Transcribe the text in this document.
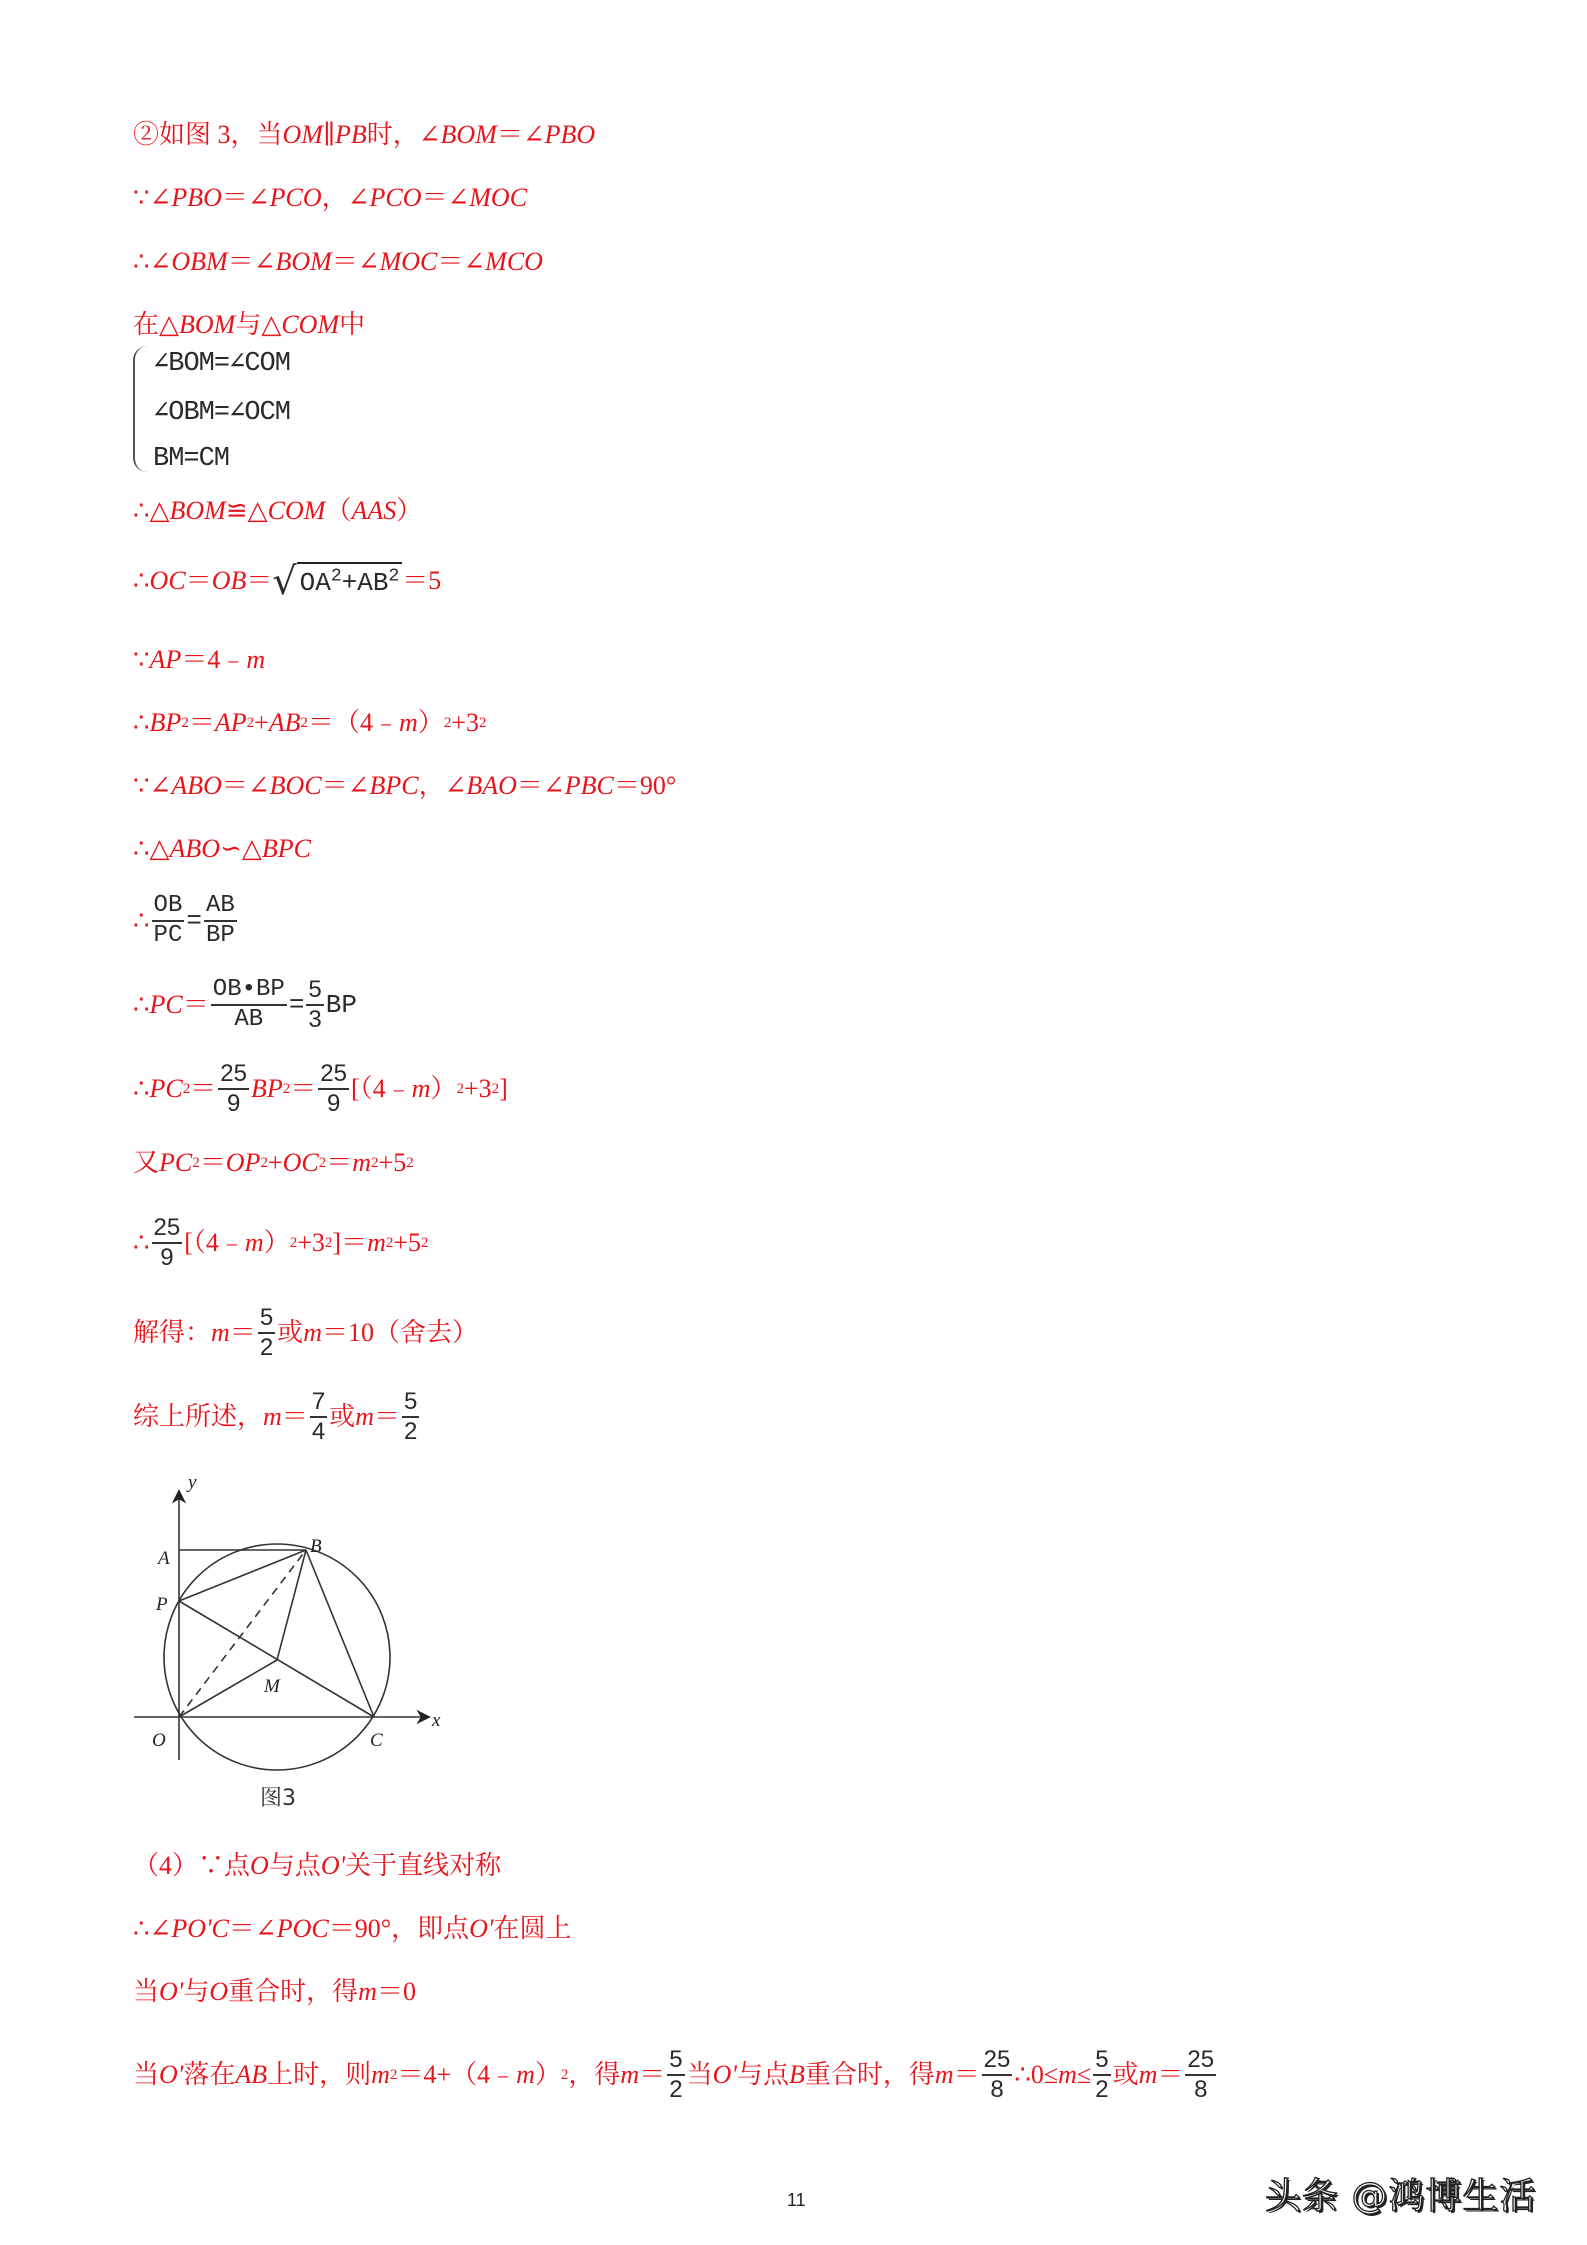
②如图 3，当 OM ∥ PB 时，∠ BOM ＝∠ PBO
∵∠ PBO ＝∠ PCO ，∠ PCO ＝∠ MOC
∴∠ OBM ＝∠ BOM ＝∠ MOC ＝∠ MCO
在△ BOM 与△ COM 中
∠BOM=∠COM
∠OBM=∠OCM
BM=CM
∴△ BOM ≌△ COM （ AAS ）
∴ OC ＝ OB ＝ √ $OA^2+AB^2 =5$
∵ AP ＝4﹣ m
∴ BP 2 ＝ AP 2 + AB 2 ＝（4﹣ m ） 2 +3 2
∵∠ ABO ＝∠ BOC ＝∠ BPC ，∠ BAO ＝∠ PBC ＝90°
∴△ ABO ∽△ BPC
∴ $\frac{OB}{PC} = \frac{AB}{BP}$
∴ PC ＝ $\frac{OB•BP}{AB} = \frac{5}{3}$ BP
∴ PC $2 = \frac{25}{9}$ BP $2 = \frac{25}{9}$ [（4﹣ m ） 2 +3 2 ]
又 PC 2 ＝ OP 2 + OC 2 ＝ m 2 +5 2
∴ $\frac{25}{9}$ [（4﹣ m ） 2 +3 2 ]＝ m 2 +5 2
解得： $m = \frac{5}{2}$ 或 m ＝10（舍去）
综上所述， $m = \frac{7}{4}$ 或 $m = \frac{5}{2}$
y
x
A
B
P
M
O	C
图3
（4）∵点 O 与点 O' 关于直线对称
∴∠ PO'C ＝∠ POC ＝90°，即点 O' 在圆上
当 O' 与 O 重合时，得 m ＝0
当 O' 落在 AB 上时，则 m 2 ＝4+（4﹣ m ） 2 ，得 $m = \frac{5}{2}$ 当 O' 与点 B 重合时，得 $m = \frac{25}{8}$ ∴0≤ $m \le \frac{5}{2}$ 或 $m = \frac{25}{8}$
11	头条 @鸿博生活
